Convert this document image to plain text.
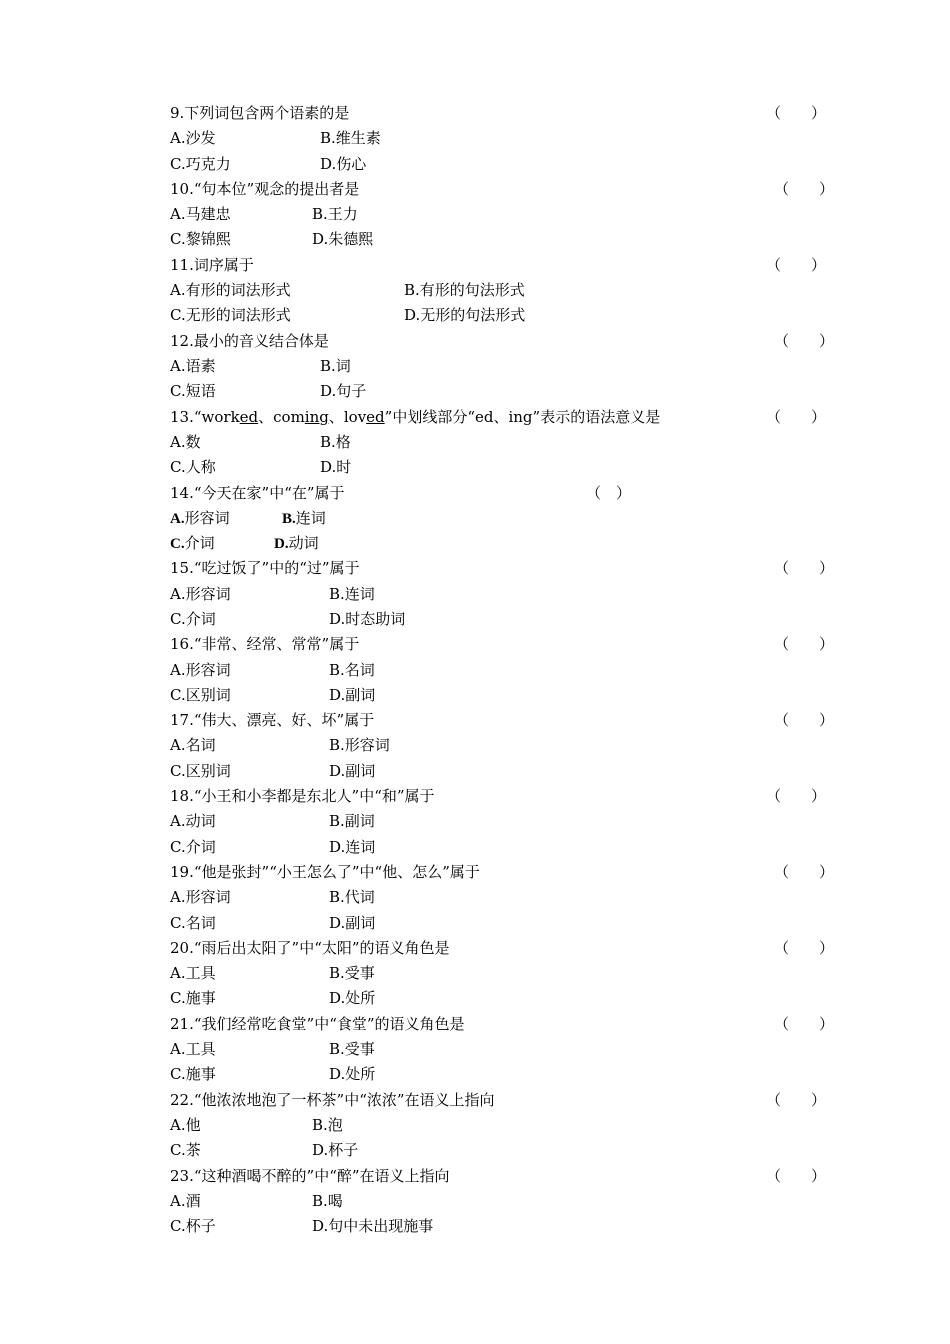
9.下列词包含两个语素的是	（　　）
A.沙发	B.维生素
C.巧克力	D.伤心
10.“句本位”观念的提出者是	（　　）
A.马建忠	B.王力
C.黎锦熙	D.朱德熙
11.词序属于	（　　）
A.有形的词法形式	B.有形的句法形式
C.无形的词法形式	D.无形的句法形式
12.最小的音义结合体是	（　　）
A.语素	B.词
C.短语	D.句子
13.“worked、coming、loved”中划线部分“ed、ing”表示的语法意义是	（　　）
A.数	B.格
C.人称	D.时
14.“今天在家”中“在”属于	（　）
A.形容词	B.连词
C.介词	D.动词
15.“吃过饭了”中的“过”属于	（　　）
A.形容词	B.连词
C.介词	D.时态助词
16.“非常、经常、常常”属于	（　　）
A.形容词	B.名词
C.区别词	D.副词
17.“伟大、漂亮、好、坏”属于	（　　）
A.名词	B.形容词
C.区别词	D.副词
18.“小王和小李都是东北人”中“和”属于	（　　）
A.动词	B.副词
C.介词	D.连词
19.“他是张封”“小王怎么了”中“他、怎么”属于	（　　）
A.形容词	B.代词
C.名词	D.副词
20.“雨后出太阳了”中“太阳”的语义角色是	（　　）
A.工具	B.受事
C.施事	D.处所
21.“我们经常吃食堂”中“食堂”的语义角色是	（　　）
A.工具	B.受事
C.施事	D.处所
22.“他浓浓地泡了一杯茶”中“浓浓”在语义上指向	（　　）
A.他	B.泡
C.茶	D.杯子
23.“这种酒喝不醉的”中“醉”在语义上指向	（　　）
A.酒	B.喝
C.杯子	D.句中未出现施事
